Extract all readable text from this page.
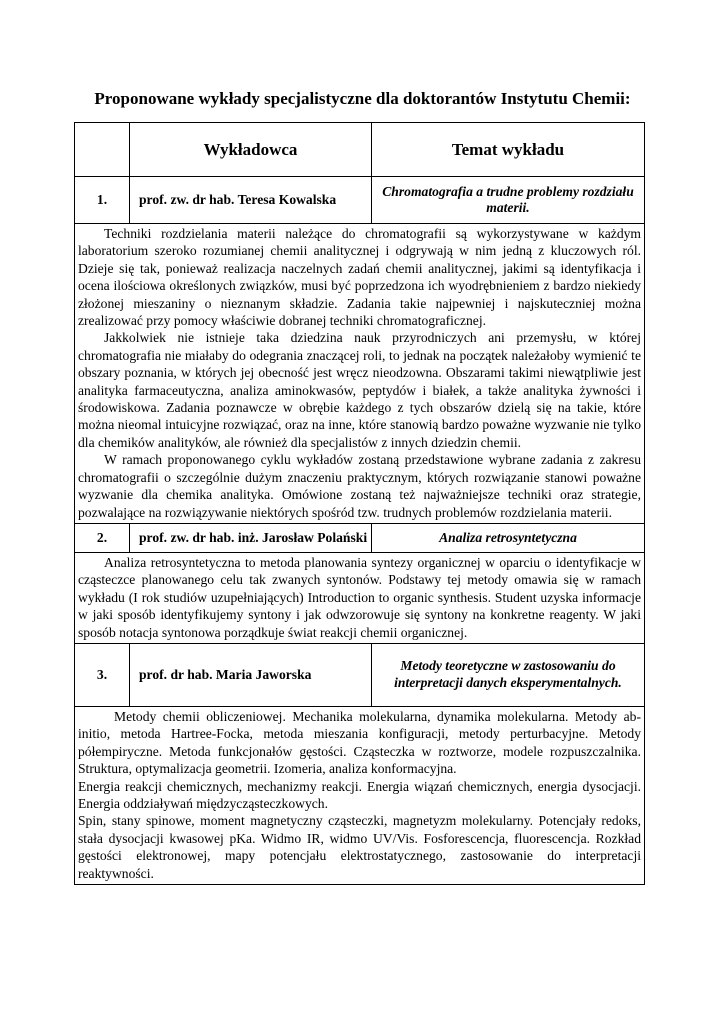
Proponowane wykłady specjalistyczne dla doktorantów Instytutu Chemii:
	Wykładowca	Temat wykładu
1.	prof. zw. dr hab. Teresa Kowalska	Chromatografia a trudne problemy rozdziału materii.

Techniki rozdzielania materii należące do chromatografii są wykorzystywane w każdym laboratorium szeroko rozumianej chemii analitycznej i odgrywają w nim jedną z kluczowych ról. Dzieje się tak, ponieważ realizacja naczelnych zadań chemii analitycznej, jakimi są identyfikacja i ocena ilościowa określonych związków, musi być poprzedzona ich wyodrębnieniem z bardzo niekiedy złożonej mieszaniny o nieznanym składzie. Zadania takie najpewniej i najskuteczniej można zrealizować przy pomocy właściwie dobranej techniki chromatograficznej.

Jakkolwiek nie istnieje taka dziedzina nauk przyrodniczych ani przemysłu, w której chromatografia nie miałaby do odegrania znaczącej roli, to jednak na początek należałoby wymienić te obszary poznania, w których jej obecność jest wręcz nieodzowna. Obszarami takimi niewątpliwie jest analityka farmaceutyczna, analiza aminokwasów, peptydów i białek, a także analityka żywności i środowiskowa. Zadania poznawcze w obrębie każdego z tych obszarów dzielą się na takie, które można nieomal intuicyjne rozwiązać, oraz na inne, które stanowią bardzo poważne wyzwanie nie tylko dla chemików analityków, ale również dla specjalistów z innych dziedzin chemii.

W ramach proponowanego cyklu wykładów zostaną przedstawione wybrane zadania z zakresu chromatografii o szczególnie dużym znaczeniu praktycznym, których rozwiązanie stanowi poważne wyzwanie dla chemika analityka. Omówione zostaną też najważniejsze techniki oraz strategie, pozwalające na rozwiązywanie niektórych spośród tzw. trudnych problemów rozdzielania materii.		

2.	prof. zw. dr hab. inż. Jarosław Polański	Analiza retrosyntetyczna

Analiza retrosyntetyczna to metoda planowania syntezy organicznej w oparciu o identyfikacje w cząsteczce planowanego celu tak zwanych syntonów. Podstawy tej metody omawia się w ramach wykładu (I rok studiów uzupełniających) Introduction to organic synthesis. Student uzyska informacje w jaki sposób identyfikujemy syntony i jak odwzorowuje się syntony na konkretne reagenty. W jaki sposób notacja syntonowa porządkuje świat reakcji chemii organicznej.		

3.	prof. dr hab. Maria Jaworska	Metody teoretyczne w zastosowaniu do interpretacji danych eksperymentalnych.

Metody chemii obliczeniowej. Mechanika molekularna, dynamika molekularna. Metody ab-initio, metoda Hartree-Focka, metoda mieszania konfiguracji, metody perturbacyjne. Metody półempiryczne. Metoda funkcjonałów gęstości. Cząsteczka w roztworze, modele rozpuszczalnika. Struktura, optymalizacja geometrii. Izomeria, analiza konformacyjna.

Energia reakcji chemicznych, mechanizmy reakcji. Energia wiązań chemicznych, energia dysocjacji. Energia oddziaływań międzycząsteczkowych.

Spin, stany spinowe, moment magnetyczny cząsteczki, magnetyzm molekularny. Potencjały redoks, stała dysocjacji kwasowej pKa. Widmo IR, widmo UV/Vis. Fosforescencja, fluorescencja. Rozkład gęstości elektronowej, mapy potencjału elektrostatycznego, zastosowanie do interpretacji reaktywności.		
